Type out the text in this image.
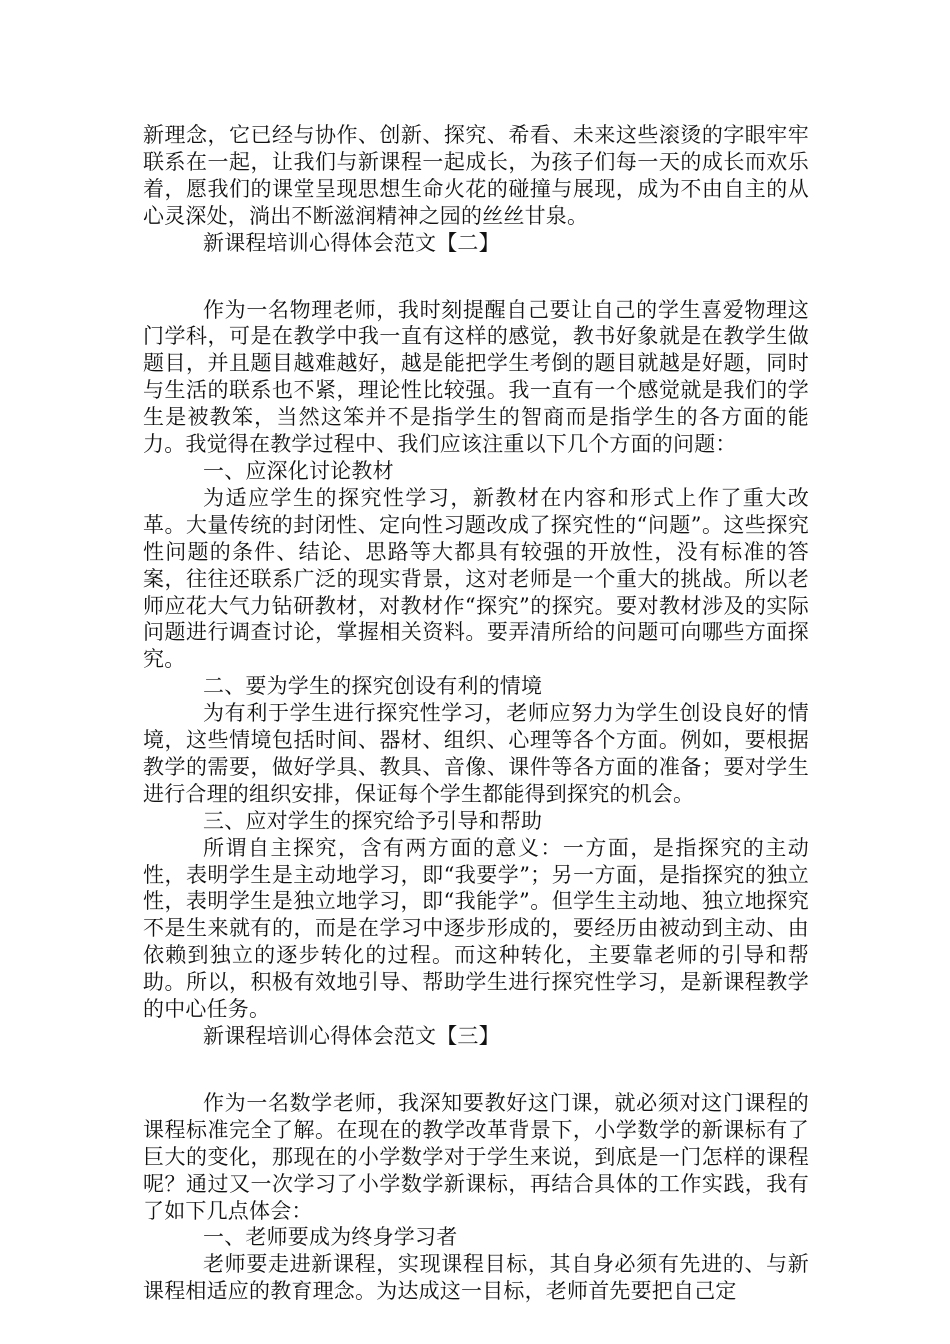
新理念，它已经与协作、创新、探究、希看、未来这些滚烫的字眼牢牢联系在一起，让我们与新课程一起成长，为孩子们每一天的成长而欢乐着，愿我们的课堂呈现思想生命火花的碰撞与展现，成为不由自主的从心灵深处，淌出不断滋润精神之园的丝丝甘泉。

新课程培训心得体会范文【二】

作为一名物理老师，我时刻提醒自己要让自己的学生喜爱物理这门学科，可是在教学中我一直有这样的感觉，教书好象就是在教学生做题目，并且题目越难越好，越是能把学生考倒的题目就越是好题，同时与生活的联系也不紧，理论性比较强。我一直有一个感觉就是我们的学生是被教笨，当然这笨并不是指学生的智商而是指学生的各方面的能力。我觉得在教学过程中、我们应该注重以下几个方面的问题：

一、应深化讨论教材

为适应学生的探究性学习，新教材在内容和形式上作了重大改革。大量传统的封闭性、定向性习题改成了探究性的“问题”。这些探究性问题的条件、结论、思路等大都具有较强的开放性，没有标准的答案，往往还联系广泛的现实背景，这对老师是一个重大的挑战。所以老师应花大气力钻研教材，对教材作“探究”的探究。要对教材涉及的实际问题进行调查讨论，掌握相关资料。要弄清所给的问题可向哪些方面探究。

二、要为学生的探究创设有利的情境

为有利于学生进行探究性学习，老师应努力为学生创设良好的情境，这些情境包括时间、器材、组织、心理等各个方面。例如，要根据教学的需要，做好学具、教具、音像、课件等各方面的准备；要对学生进行合理的组织安排，保证每个学生都能得到探究的机会。

三、应对学生的探究给予引导和帮助

所谓自主探究，含有两方面的意义：一方面，是指探究的主动性，表明学生是主动地学习，即“我要学”；另一方面，是指探究的独立性，表明学生是独立地学习，即“我能学”。但学生主动地、独立地探究不是生来就有的，而是在学习中逐步形成的，要经历由被动到主动、由依赖到独立的逐步转化的过程。而这种转化，主要靠老师的引导和帮助。所以，积极有效地引导、帮助学生进行探究性学习，是新课程教学的中心任务。

新课程培训心得体会范文【三】

作为一名数学老师，我深知要教好这门课，就必须对这门课程的课程标准完全了解。在现在的教学改革背景下，小学数学的新课标有了巨大的变化，那现在的小学数学对于学生来说，到底是一门怎样的课程呢？通过又一次学习了小学数学新课标，再结合具体的工作实践，我有了如下几点体会：

一、老师要成为终身学习者

老师要走进新课程，实现课程目标，其自身必须有先进的、与新课程相适应的教育理念。为达成这一目标，老师首先要把自己定
